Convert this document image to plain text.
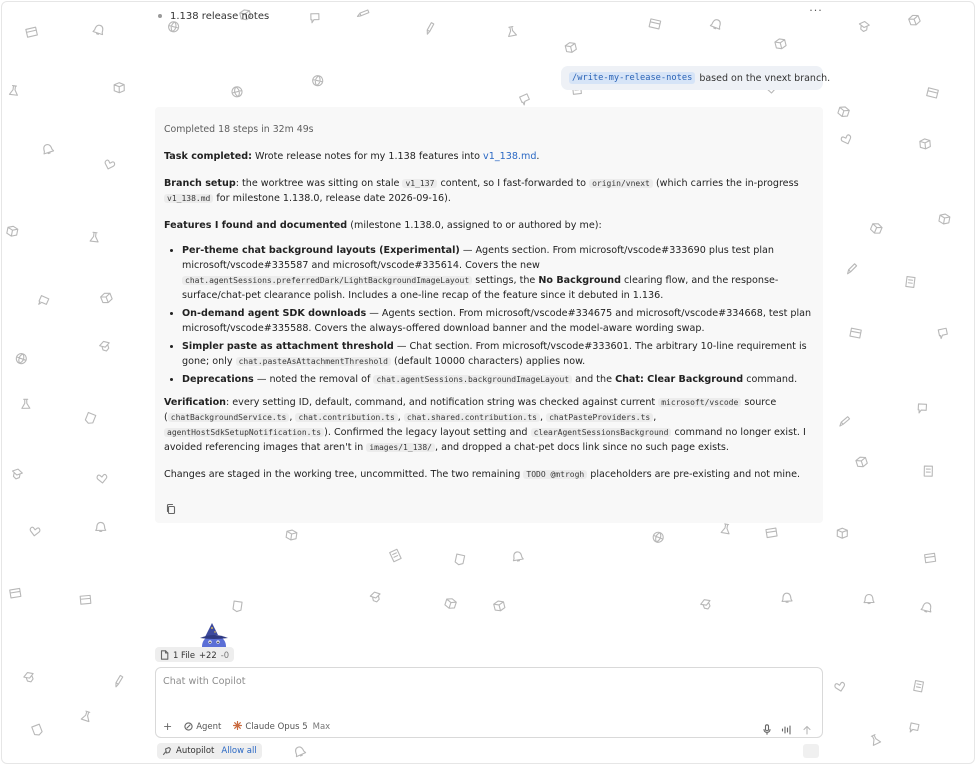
1.138 release notes	···
/write-my-release-notes based on the vnext branch.
Completed 18 steps in 32m 49s

Task completed: Wrote release notes for my 1.138 features into v1_138.md.

Branch setup: the worktree was sitting on stale v1_137 content, so I fast-forwarded to origin/vnext (which carries the in-progress v1_138.md for milestone 1.138.0, release date 2026-09-16).

Features I found and documented (milestone 1.138.0, assigned to or authored by me):

• Per-theme chat background layouts (Experimental) — Agents section. From microsoft/vscode#333690 plus test plan microsoft/vscode#335587 and microsoft/vscode#335614. Covers the new chat.agentSessions.preferredDark/LightBackgroundImageLayout settings, the No Background clearing flow, and the response-surface/chat-pet clearance polish. Includes a one-line recap of the feature since it debuted in 1.136.
• On-demand agent SDK downloads — Agents section. From microsoft/vscode#334675 and microsoft/vscode#334668, test plan microsoft/vscode#335588. Covers the always-offered download banner and the model-aware wording swap.
• Simpler paste as attachment threshold — Chat section. From microsoft/vscode#333601. The arbitrary 10-line requirement is gone; only chat.pasteAsAttachmentThreshold (default 10000 characters) applies now.
• Deprecations — noted the removal of chat.agentSessions.backgroundImageLayout and the Chat: Clear Background command.

Verification: every setting ID, default, command, and notification string was checked against current microsoft/vscode source ( chatBackgroundService.ts , chat.contribution.ts , chat.shared.contribution.ts , chatPasteProviders.ts , agentHostSdkSetupNotification.ts ). Confirmed the legacy layout setting and clearAgentSessionsBackground command no longer exist. I avoided referencing images that aren't in images/1_138/ , and dropped a chat-pet docs link since no such page exists.

Changes are staged in the working tree, uncommitted. The two remaining TODO @mtrogh placeholders are pre-existing and not mine.

1 File +22 -0
Chat with Copilot
+	Agent	Claude Opus 5 Max
Autopilot Allow all
